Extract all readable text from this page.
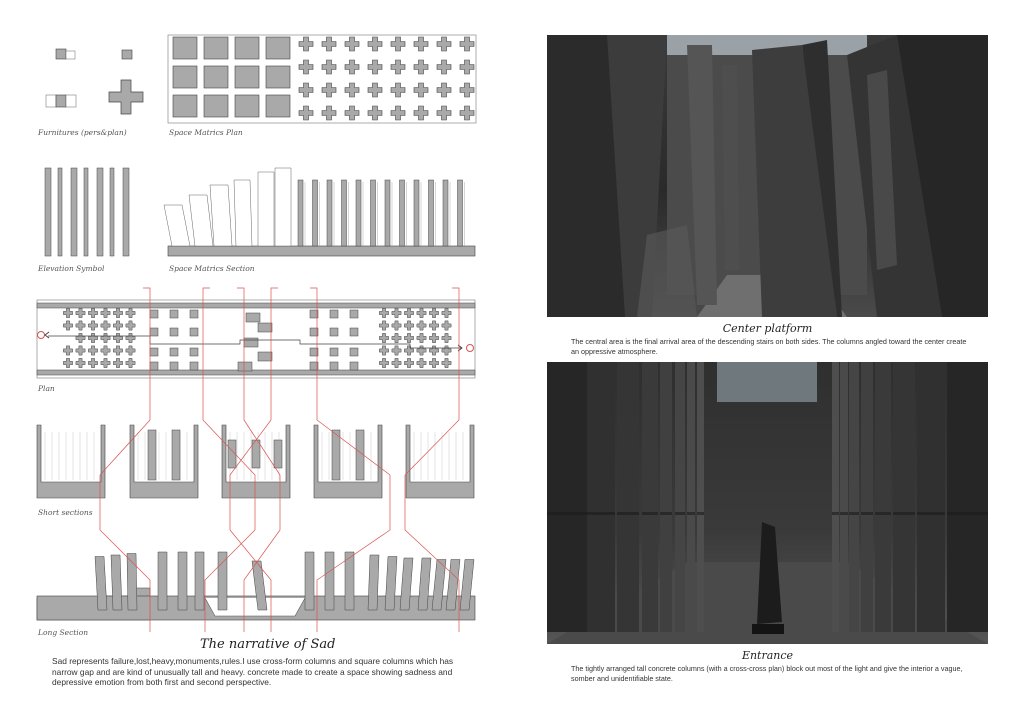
Furnitures (pers&plan)	Space Matrics Plan
Elevation Symbol	Space Matrics Section
Plan
Short sections
Long Section
The narrative of Sad
Sad represents failure,lost,heavy,monuments,rules.I use cross-form columns and square columns which has narrow gap and are kind of unusually tall and heavy. concrete made to create a space showing sadness and depressive emotion from both first and second perspective.
Center platform
The central area is the final arrival area of the descending stairs on both sides. The columns angled toward the center create an oppressive atmosphere.
Entrance
The tightly arranged tall concrete columns (with a cross-cross plan) block out most of the light and give the interior a vague, somber and unidentifiable state.
